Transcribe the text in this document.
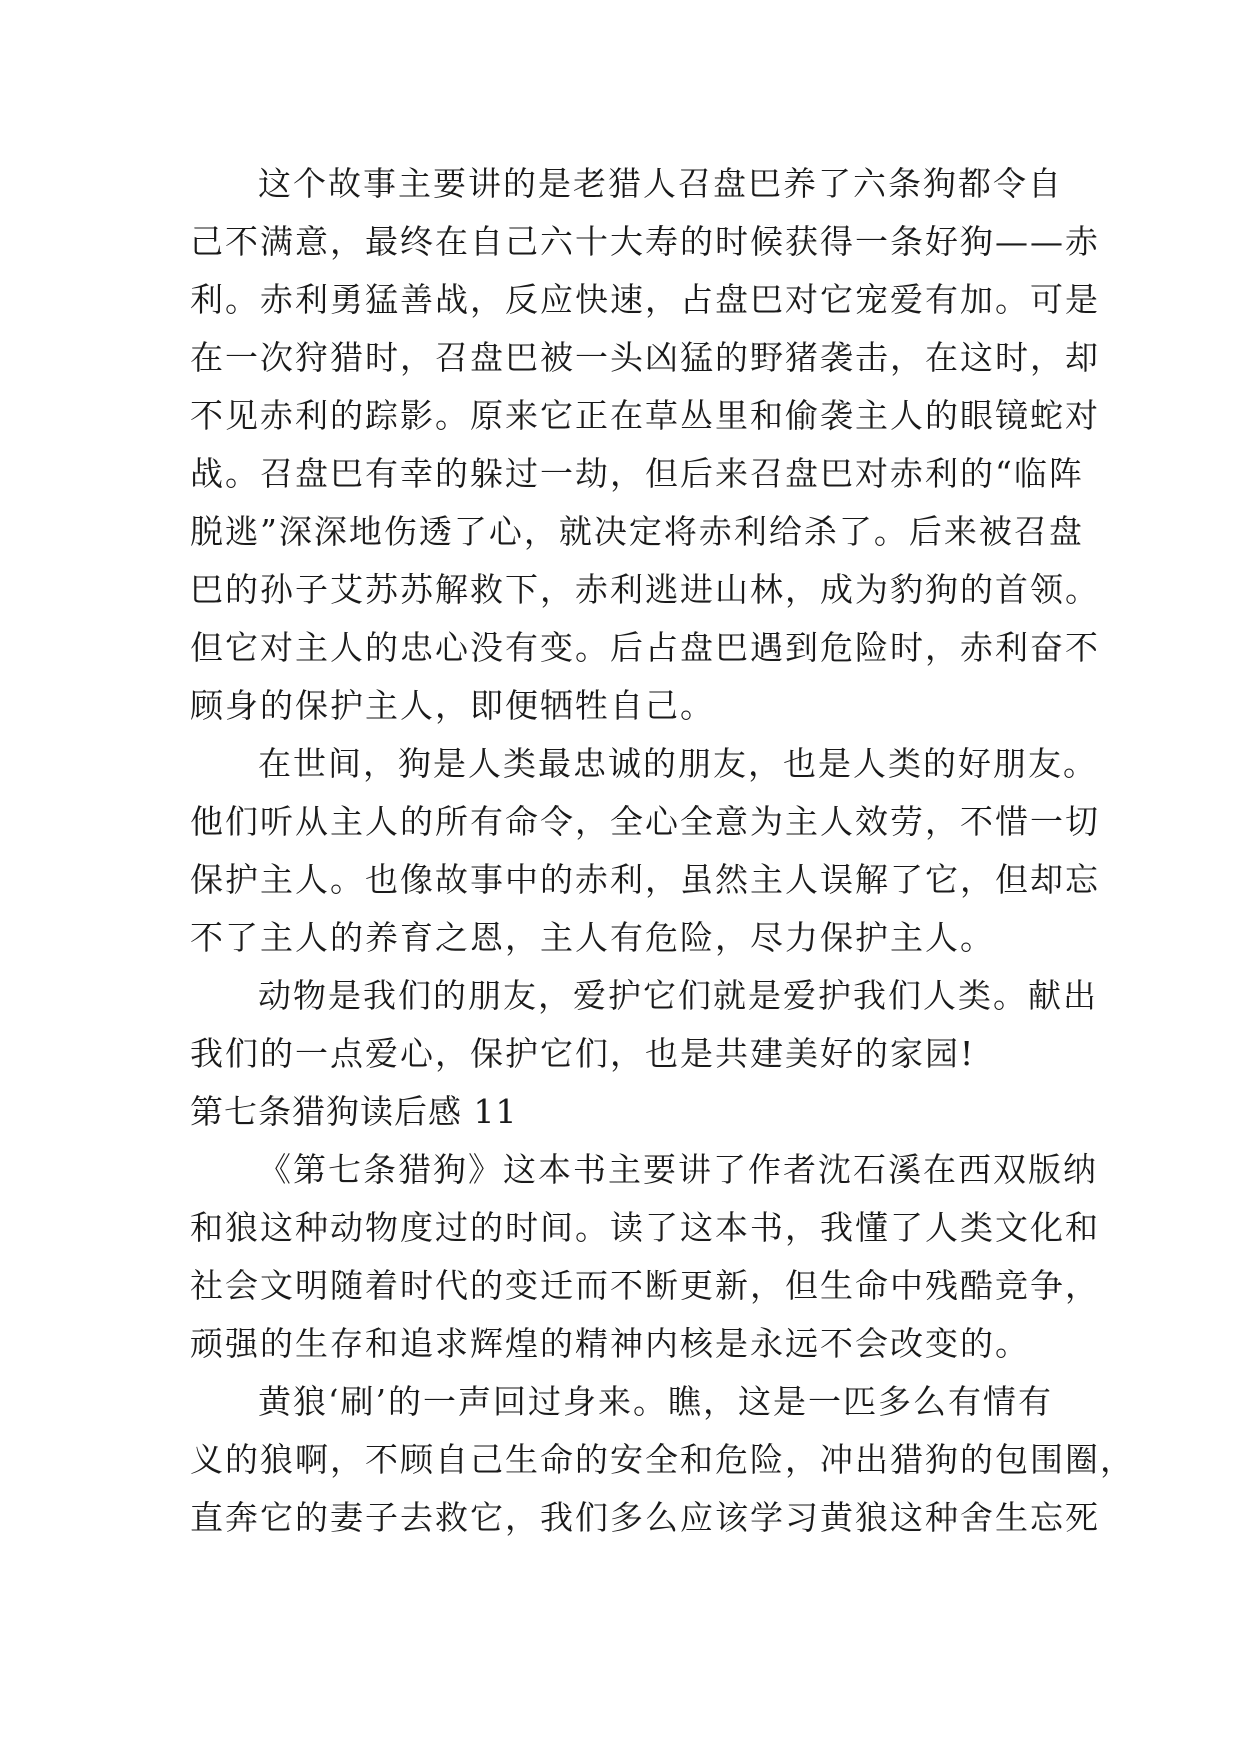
这个故事主要讲的是老猎人召盘巴养了六条狗都令自
己不满意，最终在自己六十大寿的时候获得一条好狗——赤
利。赤利勇猛善战，反应快速，占盘巴对它宠爱有加。可是
在一次狩猎时，召盘巴被一头凶猛的野猪袭击，在这时，却
不见赤利的踪影。原来它正在草丛里和偷袭主人的眼镜蛇对
战。召盘巴有幸的躲过一劫，但后来召盘巴对赤利的“临阵
脱逃”深深地伤透了心，就决定将赤利给杀了。后来被召盘
巴的孙子艾苏苏解救下，赤利逃进山林，成为豹狗的首领。
但它对主人的忠心没有变。后占盘巴遇到危险时，赤利奋不
顾身的保护主人，即便牺牲自己。
在世间，狗是人类最忠诚的朋友，也是人类的好朋友。
他们听从主人的所有命令，全心全意为主人效劳，不惜一切
保护主人。也像故事中的赤利，虽然主人误解了它，但却忘
不了主人的养育之恩，主人有危险，尽力保护主人。
动物是我们的朋友，爱护它们就是爱护我们人类。献出
我们的一点爱心，保护它们，也是共建美好的家园!
第七条猎狗读后感 11
《第七条猎狗》这本书主要讲了作者沈石溪在西双版纳
和狼这种动物度过的时间。读了这本书，我懂了人类文化和
社会文明随着时代的变迁而不断更新，但生命中残酷竞争，
顽强的生存和追求辉煌的精神内核是永远不会改变的。
黄狼‘刷’的一声回过身来。瞧，这是一匹多么有情有
义的狼啊，不顾自己生命的安全和危险，冲出猎狗的包围圈，
直奔它的妻子去救它，我们多么应该学习黄狼这种舍生忘死
